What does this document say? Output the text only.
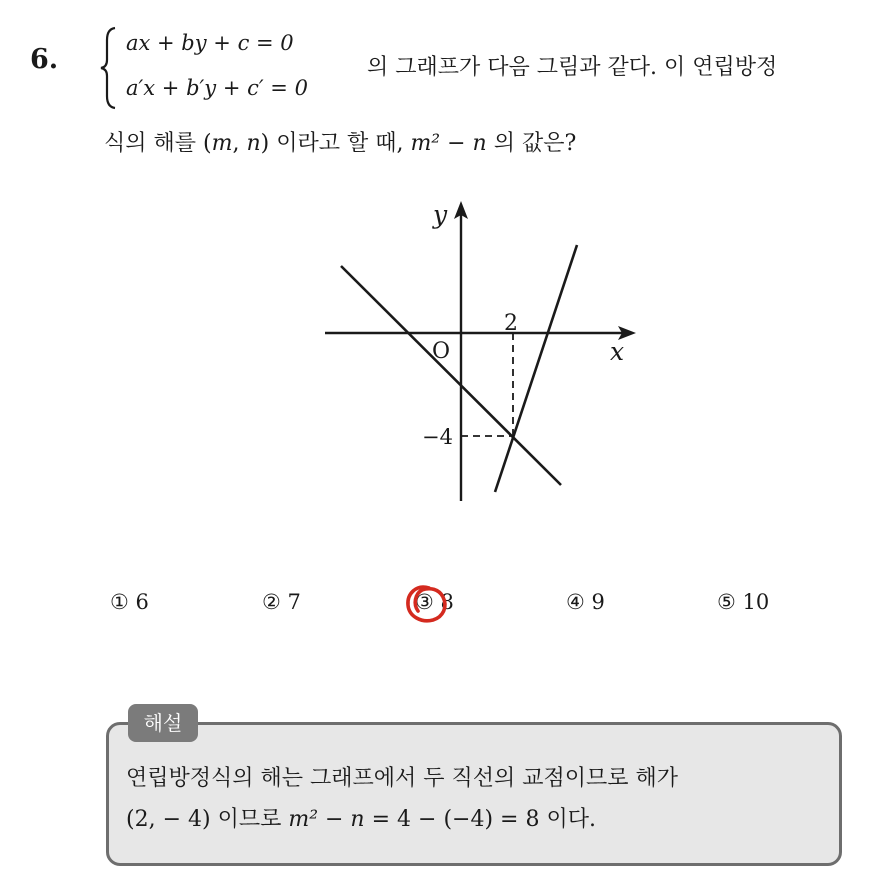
6.
ax + by + c = 0
a′x + b′y + c′ = 0
의 그래프가 다음 그림과 같다. 이 연립방정
식의 해를 (m, n) 이라고 할 때, m² − n 의 값은?
y
x
O
2
−4
① 6	② 7	③ 8	④ 9	⑤ 10
해설
연립방정식의 해는 그래프에서 두 직선의 교점이므로 해가
(2, − 4) 이므로 m² − n = 4 − (−4) = 8 이다.
